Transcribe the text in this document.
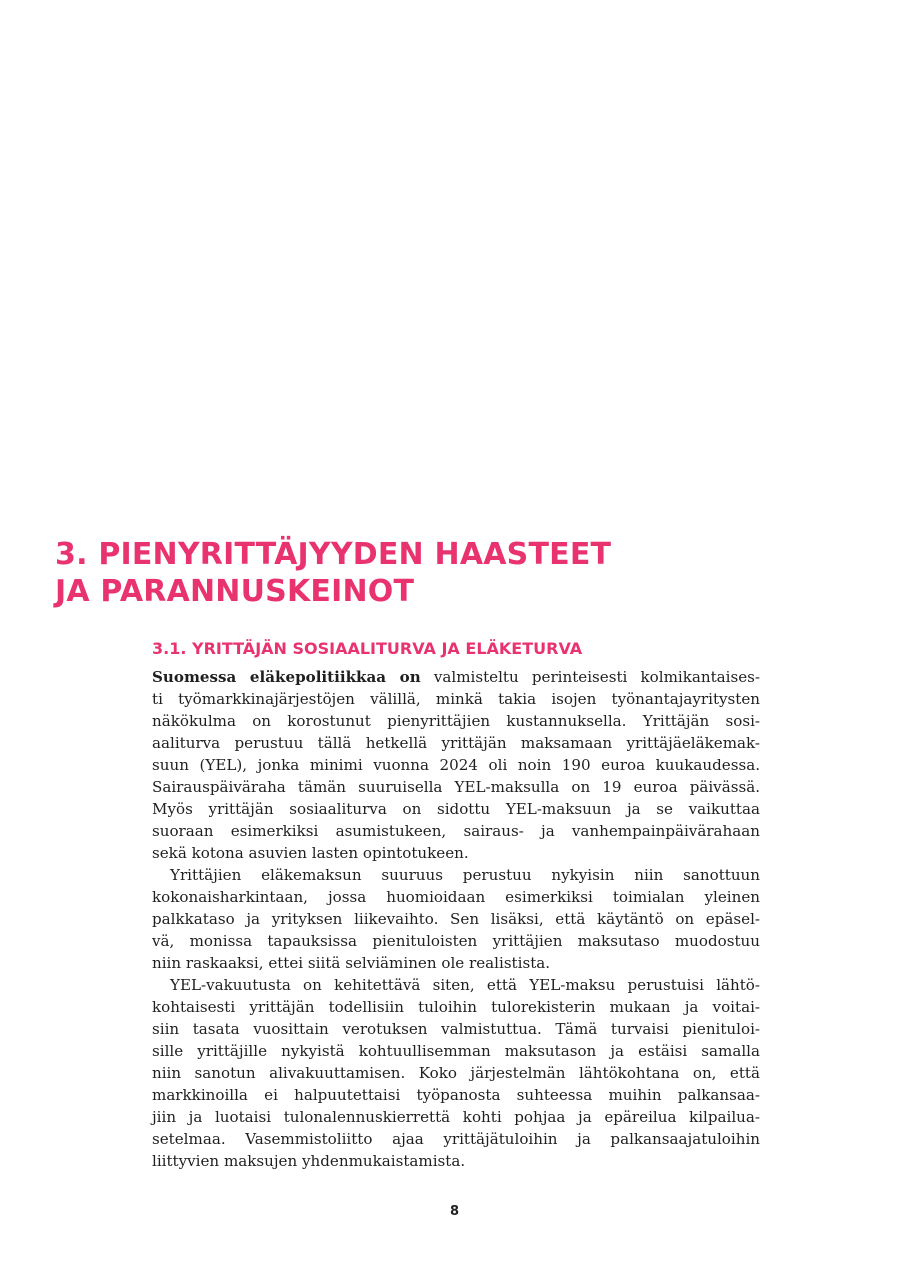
3. PIENYRITTÄJYYDEN HAASTEET
JA PARANNUSKEINOT
3.1. YRITTÄJÄN SOSIAALITURVA JA ELÄKETURVA

Suomessa eläkepolitiikkaa on valmisteltu perinteisesti kolmikantaises-
ti työmarkkinajärjestöjen välillä, minkä takia isojen työnantajayritysten
näkökulma on korostunut pienyrittäjien kustannuksella. Yrittäjän sosi-
aaliturva perustuu tällä hetkellä yrittäjän maksamaan yrittäjäeläkemak-
suun (YEL), jonka minimi vuonna 2024 oli noin 190 euroa kuukaudessa.
Sairauspäiväraha tämän suuruisella YEL-maksulla on 19 euroa päivässä.
Myös yrittäjän sosiaaliturva on sidottu YEL-maksuun ja se vaikuttaa
suoraan esimerkiksi asumistukeen, sairaus- ja vanhempainpäivärahaan
sekä kotona asuvien lasten opintotukeen.

Yrittäjien eläkemaksun suuruus perustuu nykyisin niin sanottuun
kokonaisharkintaan, jossa huomioidaan esimerkiksi toimialan yleinen
palkkataso ja yrityksen liikevaihto. Sen lisäksi, että käytäntö on epäsel-
vä, monissa tapauksissa pienituloisten yrittäjien maksutaso muodostuu
niin raskaaksi, ettei siitä selviäminen ole realistista.

YEL-vakuutusta on kehitettävä siten, että YEL-maksu perustuisi lähtö-
kohtaisesti yrittäjän todellisiin tuloihin tulorekisterin mukaan ja voitai-
siin tasata vuosittain verotuksen valmistuttua. Tämä turvaisi pienituloi-
sille yrittäjille nykyistä kohtuullisemman maksutason ja estäisi samalla
niin sanotun alivakuuttamisen. Koko järjestelmän lähtökohtana on, että
markkinoilla ei halpuutettaisi työpanosta suhteessa muihin palkansaa-
jiin ja luotaisi tulonalennuskierrettä kohti pohjaa ja epäreilua kilpailua-
setelmaa. Vasemmistoliitto ajaa yrittäjätuloihin ja palkansaajatuloihin
liittyvien maksujen yhdenmukaistamista.

8
